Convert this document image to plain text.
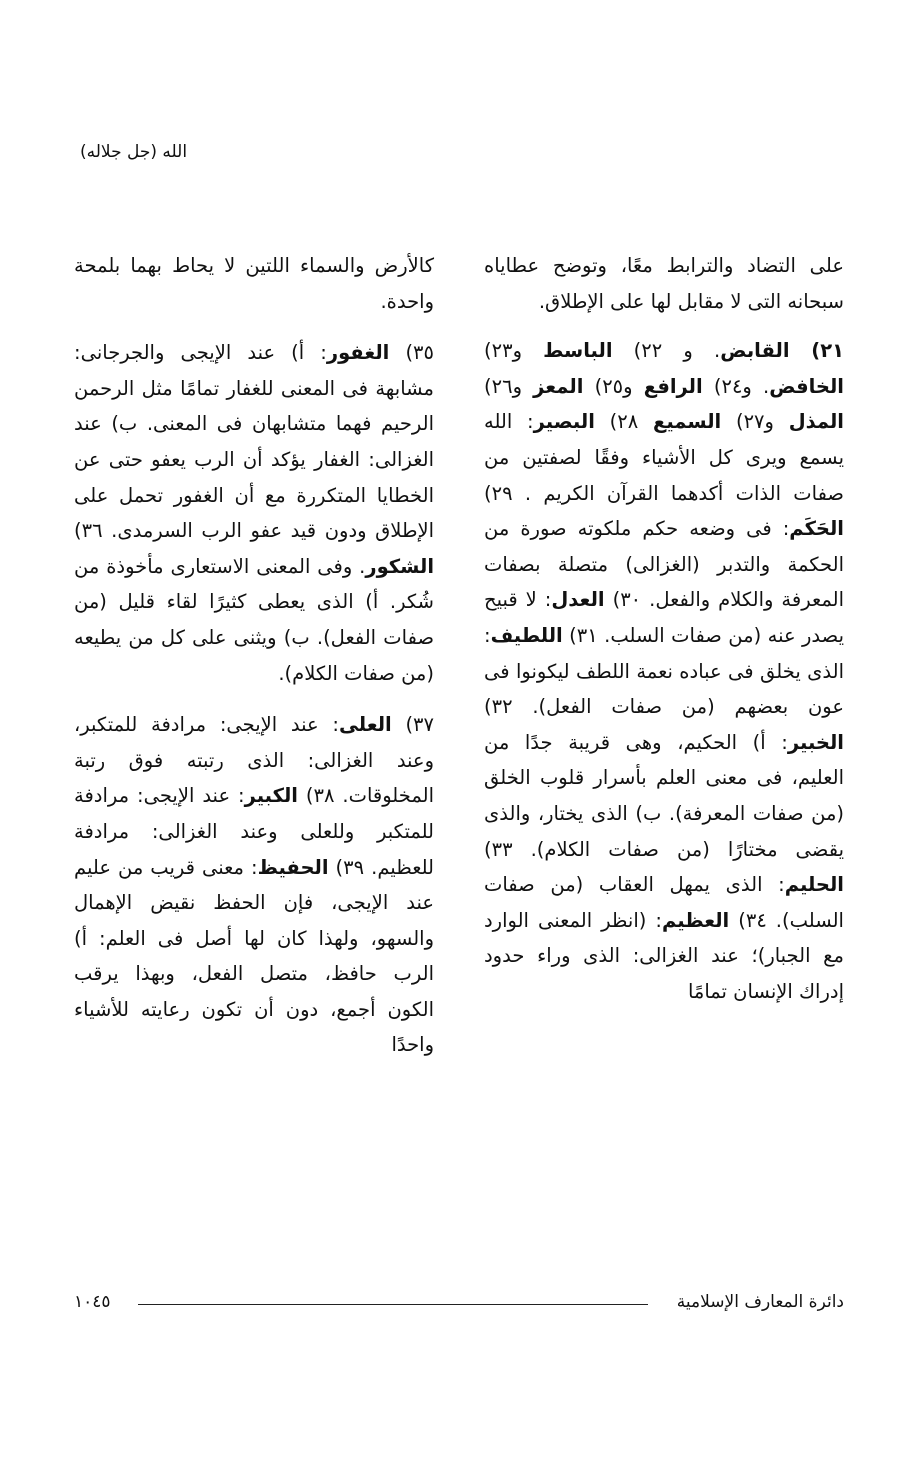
الله (جل جلاله)

على التضاد والترابط معًا، وتوضح عطاياه سبحانه التى لا مقابل لها على الإطلاق.

٢١) القابض. و ٢٢) الباسط و٢٣) الخافض. و٢٤) الرافع و٢٥) المعز و٢٦) المذل و٢٧) السميع ٢٨) البصير: الله يسمع ويرى كل الأشياء وفقًا لصفتين من صفات الذات أكدهما القرآن الكريم . ٢٩) الحَكَم: فى وضعه حكم ملكوته صورة من الحكمة والتدبر (الغزالى) متصلة بصفات المعرفة والكلام والفعل. ٣٠) العدل: لا قبيح يصدر عنه (من صفات السلب. ٣١) اللطيف: الذى يخلق فى عباده نعمة اللطف ليكونوا فى عون بعضهم (من صفات الفعل). ٣٢) الخبير: أ) الحكيم، وهى قريبة جدًا من العليم، فى معنى العلم بأسرار قلوب الخلق (من صفات المعرفة). ب) الذى يختار، والذى يقضى مختارًا (من صفات الكلام). ٣٣) الحليم: الذى يمهل العقاب (من صفات السلب). ٣٤) العظيم: (انظر المعنى الوارد مع الجبار)؛ عند الغزالى: الذى وراء حدود إدراك الإنسان تمامًا

كالأرض والسماء اللتين لا يحاط بهما بلمحة واحدة.

٣٥) الغفور: أ) عند الإيجى والجرجانى: مشابهة فى المعنى للغفار تمامًا مثل الرحمن الرحيم فهما متشابهان فى المعنى. ب) عند الغزالى: الغفار يؤكد أن الرب يعفو حتى عن الخطايا المتكررة مع أن الغفور تحمل على الإطلاق ودون قيد عفو الرب السرمدى. ٣٦) الشكور. وفى المعنى الاستعارى مأخوذة من شُكر. أ) الذى يعطى كثيرًا لقاء قليل (من صفات الفعل). ب) ويثنى على كل من يطيعه (من صفات الكلام).

٣٧) العلى: عند الإيجى: مرادفة للمتكبر، وعند الغزالى: الذى رتبته فوق رتبة المخلوقات. ٣٨) الكبير: عند الإيجى: مرادفة للمتكبر وللعلى وعند الغزالى: مرادفة للعظيم. ٣٩) الحفيظ: معنى قريب من عليم عند الإيجى، فإن الحفظ نقيض الإهمال والسهو، ولهذا كان لها أصل فى العلم: أ) الرب حافظ، متصل الفعل، وبهذا يرقب الكون أجمع، دون أن تكون رعايته للأشياء واحدًا

دائرة المعارف الإسلامية
١٠٤٥
